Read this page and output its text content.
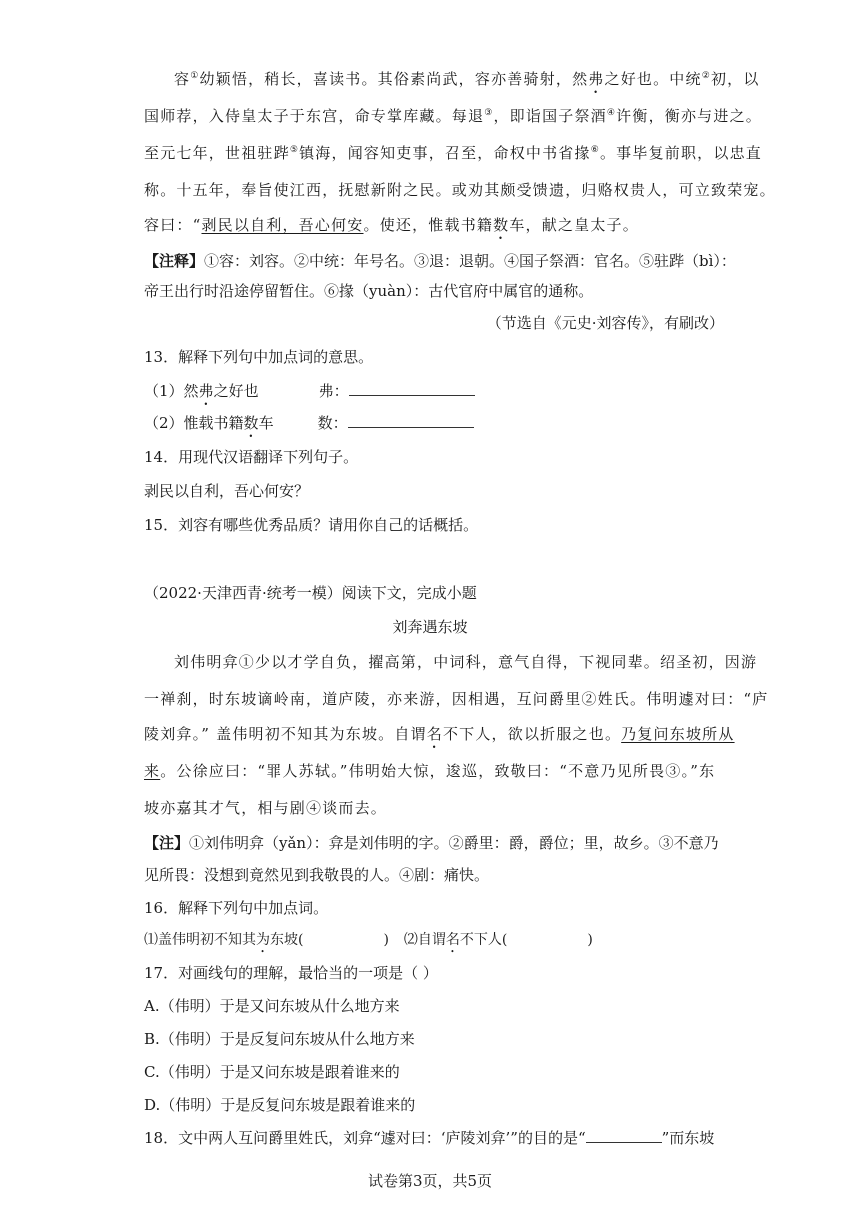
容①幼颖悟，稍长，喜读书。其俗素尚武，容亦善骑射，然弗之好也。中统②初，以
国师荐，入侍皇太子于东宫，命专掌库藏。每退③，即诣国子祭酒④许衡，衡亦与进之。
至元七年，世祖驻跸⑤镇海，闻容知吏事，召至，命权中书省掾⑥。事毕复前职，以忠直
称。十五年，奉旨使江西，抚慰新附之民。或劝其颇受馈遗，归赂权贵人，可立致荣宠。
容曰：“剥民以自利，吾心何安。使还，惟载书籍数车，献之皇太子。
【注释】①容：刘容。②中统：年号名。③退：退朝。④国子祭酒：官名。⑤驻跸（bì）：
帝王出行时沿途停留暂住。⑥掾（yuàn）：古代官府中属官的通称。
（节选自《元史·刘容传》，有刷改）
13．解释下列句中加点词的意思。
（1）然弗之好也	弗：
（2）惟载书籍数车	数：
14．用现代汉语翻译下列句子。
剥民以自利，吾心何安？
15．刘容有哪些优秀品质？请用你自己的话概括。
（2022·天津西青·统考一模）阅读下文，完成小题
刘奔遇东坡
刘伟明弇①少以才学自负，擢高第，中词科，意气自得，下视同辈。绍圣初，因游
一禅刹，时东坡谪岭南，道庐陵，亦来游，因相遇，互问爵里②姓氏。伟明遽对曰：“庐
陵刘弇。” 盖伟明初不知其为东坡。自谓名不下人，欲以折服之也。乃复问东坡所从
来。公徐应曰：“罪人苏轼。”伟明始大惊，逡巡，致敬曰：“不意乃见所畏③。”东
坡亦嘉其才气，相与剧④谈而去。
【注】①刘伟明弇（yǎn）：弇是刘伟明的字。②爵里：爵，爵位；里，故乡。③不意乃
见所畏：没想到竟然见到我敬畏的人。④剧：痛快。
16．解释下列句中加点词。
⑴盖伟明初不知其为东坡(	) ⑵自谓名不下人(	)
17．对画线句的理解，最恰当的一项是（ ）
A.（伟明）于是又问东坡从什么地方来
B.（伟明）于是反复问东坡从什么地方来
C.（伟明）于是又问东坡是跟着谁来的
D.（伟明）于是反复问东坡是跟着谁来的
18．文中两人互问爵里姓氏，刘弇“遽对曰：‘庐陵刘弇’”的目的是“	”而东坡
试卷第3页，共5页
